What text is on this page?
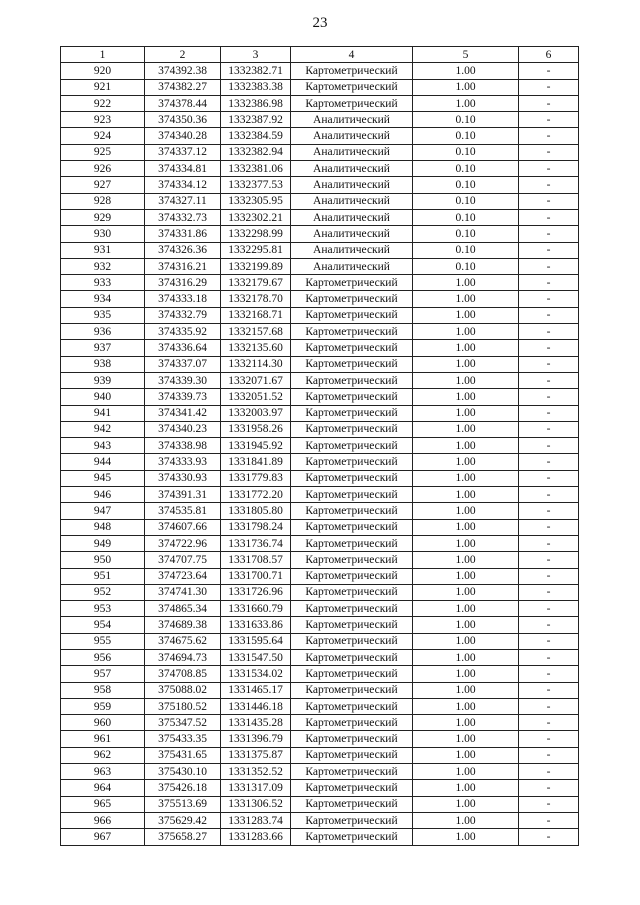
23
1	2	3	4	5	6
920	374392.38	1332382.71	Картометрический	1.00	-
921	374382.27	1332383.38	Картометрический	1.00	-
922	374378.44	1332386.98	Картометрический	1.00	-
923	374350.36	1332387.92	Аналитический	0.10	-
924	374340.28	1332384.59	Аналитический	0.10	-
925	374337.12	1332382.94	Аналитический	0.10	-
926	374334.81	1332381.06	Аналитический	0.10	-
927	374334.12	1332377.53	Аналитический	0.10	-
928	374327.11	1332305.95	Аналитический	0.10	-
929	374332.73	1332302.21	Аналитический	0.10	-
930	374331.86	1332298.99	Аналитический	0.10	-
931	374326.36	1332295.81	Аналитический	0.10	-
932	374316.21	1332199.89	Аналитический	0.10	-
933	374316.29	1332179.67	Картометрический	1.00	-
934	374333.18	1332178.70	Картометрический	1.00	-
935	374332.79	1332168.71	Картометрический	1.00	-
936	374335.92	1332157.68	Картометрический	1.00	-
937	374336.64	1332135.60	Картометрический	1.00	-
938	374337.07	1332114.30	Картометрический	1.00	-
939	374339.30	1332071.67	Картометрический	1.00	-
940	374339.73	1332051.52	Картометрический	1.00	-
941	374341.42	1332003.97	Картометрический	1.00	-
942	374340.23	1331958.26	Картометрический	1.00	-
943	374338.98	1331945.92	Картометрический	1.00	-
944	374333.93	1331841.89	Картометрический	1.00	-
945	374330.93	1331779.83	Картометрический	1.00	-
946	374391.31	1331772.20	Картометрический	1.00	-
947	374535.81	1331805.80	Картометрический	1.00	-
948	374607.66	1331798.24	Картометрический	1.00	-
949	374722.96	1331736.74	Картометрический	1.00	-
950	374707.75	1331708.57	Картометрический	1.00	-
951	374723.64	1331700.71	Картометрический	1.00	-
952	374741.30	1331726.96	Картометрический	1.00	-
953	374865.34	1331660.79	Картометрический	1.00	-
954	374689.38	1331633.86	Картометрический	1.00	-
955	374675.62	1331595.64	Картометрический	1.00	-
956	374694.73	1331547.50	Картометрический	1.00	-
957	374708.85	1331534.02	Картометрический	1.00	-
958	375088.02	1331465.17	Картометрический	1.00	-
959	375180.52	1331446.18	Картометрический	1.00	-
960	375347.52	1331435.28	Картометрический	1.00	-
961	375433.35	1331396.79	Картометрический	1.00	-
962	375431.65	1331375.87	Картометрический	1.00	-
963	375430.10	1331352.52	Картометрический	1.00	-
964	375426.18	1331317.09	Картометрический	1.00	-
965	375513.69	1331306.52	Картометрический	1.00	-
966	375629.42	1331283.74	Картометрический	1.00	-
967	375658.27	1331283.66	Картометрический	1.00	-
